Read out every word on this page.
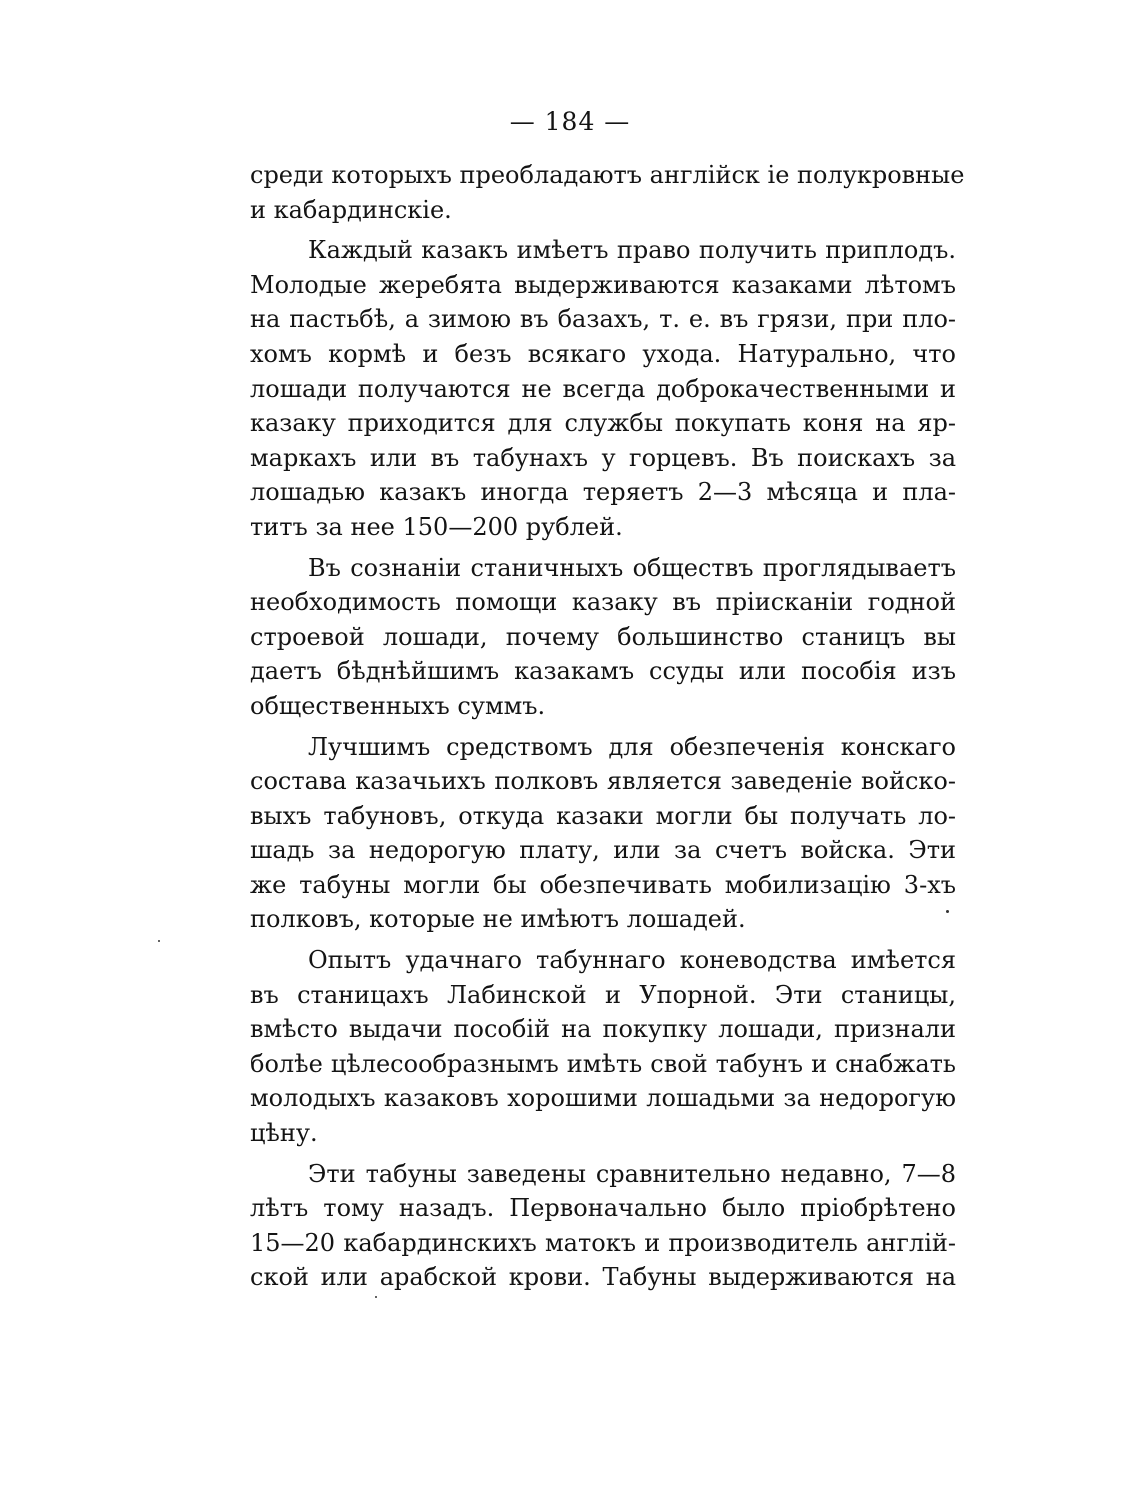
— 184 —
среди которыхъ преобладаютъ англійск іе полукровные
и кабардинскіе.
Каждый казакъ имѣетъ право получить приплодъ.
Молодые жеребята выдерживаются казаками лѣтомъ
на пастьбѣ, а зимою въ базахъ, т. е. въ грязи, при пло-
хомъ кормѣ и безъ всякаго ухода. Натурально, что
лошади получаются не всегда доброкачественными и
казаку приходится для службы покупать коня на яр-
маркахъ или въ табунахъ у горцевъ. Въ поискахъ за
лошадью казакъ иногда теряетъ 2—3 мѣсяца и пла-
титъ за нее 150—200 рублей.
Въ сознаніи станичныхъ обществъ проглядываетъ
необходимость помощи казаку въ пріисканіи годной
строевой лошади, почему большинство станицъ вы
даетъ бѣднѣйшимъ казакамъ ссуды или пособія изъ
общественныхъ суммъ.
Лучшимъ средствомъ для обезпеченія конскаго
состава казачьихъ полковъ является заведеніе войско-
выхъ табуновъ, откуда казаки могли бы получать ло-
шадь за недорогую плату, или за счетъ войска. Эти
же табуны могли бы обезпечивать мобилизацію 3-хъ
полковъ, которые не имѣютъ лошадей.
Опытъ удачнаго табуннаго коневодства имѣется
въ станицахъ Лабинской и Упорной. Эти станицы,
вмѣсто выдачи пособій на покупку лошади, признали
болѣе цѣлесообразнымъ имѣть свой табунъ и снабжать
молодыхъ казаковъ хорошими лошадьми за недорогую
цѣну.
Эти табуны заведены сравнительно недавно, 7—8
лѣтъ тому назадъ. Первоначально было пріобрѣтено
15—20 кабардинскихъ матокъ и производитель англій-
ской или арабской крови. Табуны выдерживаются на
